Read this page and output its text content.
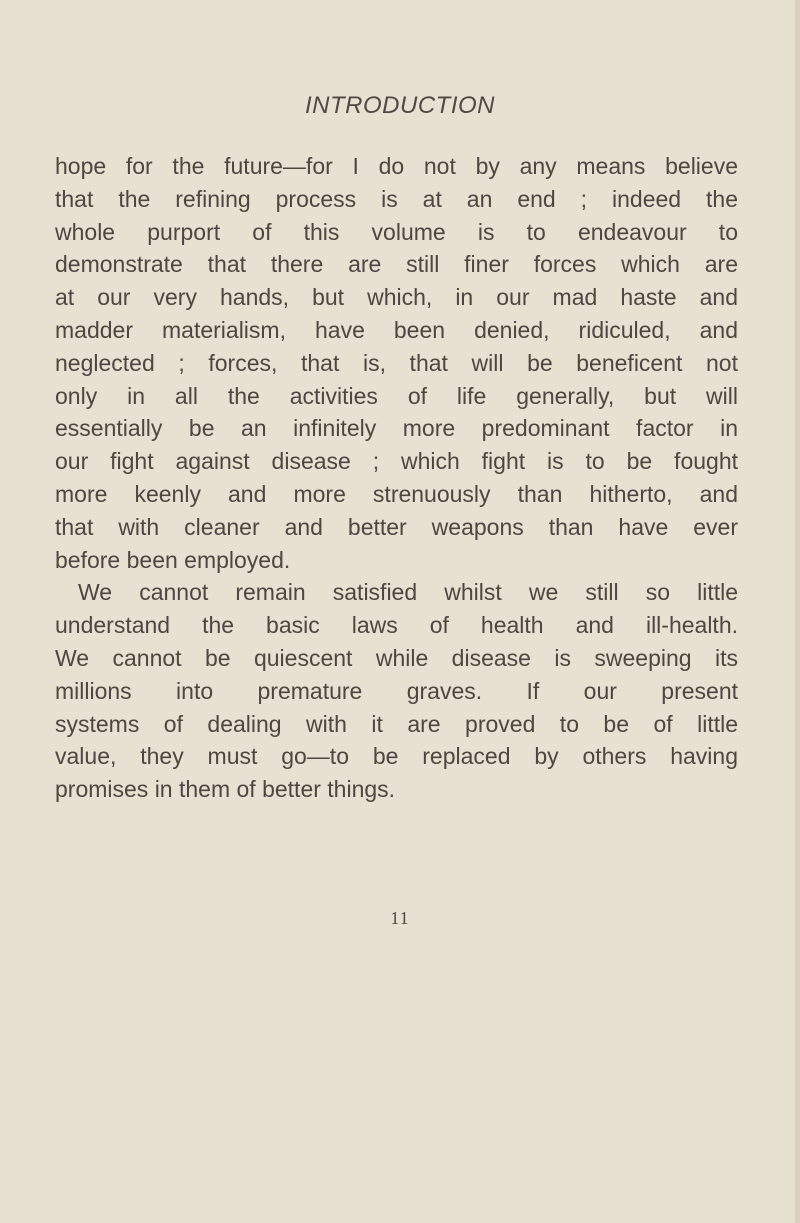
INTRODUCTION

hope for the future—for I do not by any means believe

that the refining process is at an end ; indeed the

whole purport of this volume is to endeavour to

demonstrate that there are still finer forces which are

at our very hands, but which, in our mad haste and

madder materialism, have been denied, ridiculed, and

neglected ; forces, that is, that will be beneficent not

only in all the activities of life generally, but will

essentially be an infinitely more predominant factor in

our fight against disease ; which fight is to be fought

more keenly and more strenuously than hitherto, and

that with cleaner and better weapons than have ever

before been employed.

We cannot remain satisfied whilst we still so little

understand the basic laws of health and ill-health.

We cannot be quiescent while disease is sweeping its

millions into premature graves. If our present

systems of dealing with it are proved to be of little

value, they must go—to be replaced by others having

promises in them of better things.

11
